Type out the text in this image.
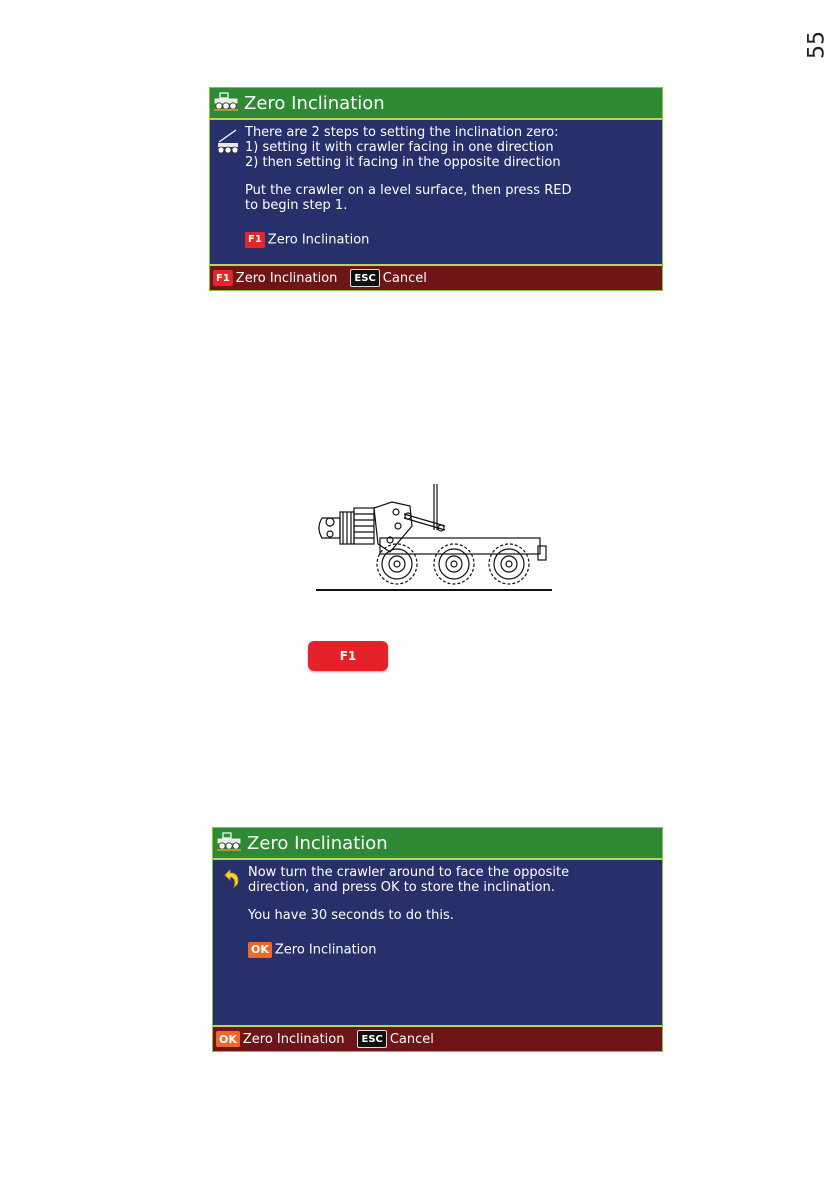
55
Zero Inclination
There are 2 steps to setting the inclination zero:
1) setting it with crawler facing in one direction
2) then setting it facing in the opposite direction
Put the crawler on a level surface, then press RED
to begin step 1.
F1 Zero Inclination
F1 Zero Inclination	ESC Cancel
F1
Zero Inclination
Now turn the crawler around to face the opposite
direction, and press OK to store the inclination.
You have 30 seconds to do this.
OK Zero Inclination
OK Zero Inclination	ESC Cancel
